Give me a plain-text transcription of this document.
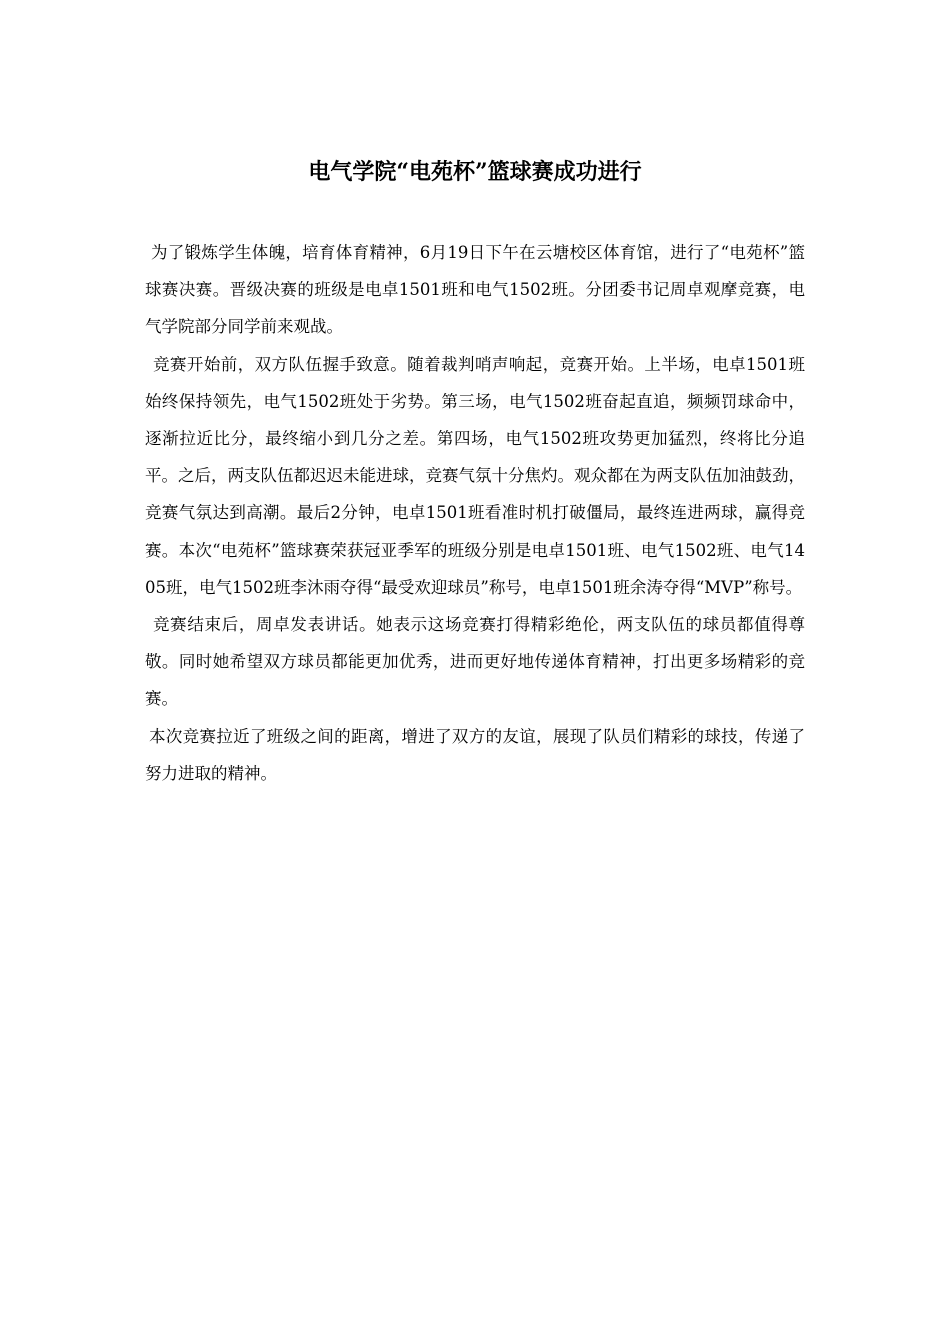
电气学院“电苑杯”篮球赛成功进行

为了锻炼学生体魄，培育体育精神，6月19日下午在云塘校区体育馆，进行了“电苑杯”篮球赛决赛。晋级决赛的班级是电卓1501班和电气1502班。分团委书记周卓观摩竞赛，电气学院部分同学前来观战。

竞赛开始前，双方队伍握手致意。随着裁判哨声响起，竞赛开始。上半场，电卓1501班始终保持领先，电气1502班处于劣势。第三场，电气1502班奋起直追，频频罚球命中，逐渐拉近比分，最终缩小到几分之差。第四场，电气1502班攻势更加猛烈，终将比分追平。之后，两支队伍都迟迟未能进球，竞赛气氛十分焦灼。观众都在为两支队伍加油鼓劲，竞赛气氛达到高潮。最后2分钟，电卓1501班看准时机打破僵局，最终连进两球，赢得竞赛。本次“电苑杯”篮球赛荣获冠亚季军的班级分别是电卓1501班、电气1502班、电气1405班，电气1502班李沐雨夺得“最受欢迎球员”称号，电卓1501班余涛夺得“MVP”称号。

竞赛结束后，周卓发表讲话。她表示这场竞赛打得精彩绝伦，两支队伍的球员都值得尊敬。同时她希望双方球员都能更加优秀，进而更好地传递体育精神，打出更多场精彩的竞赛。

本次竞赛拉近了班级之间的距离，增进了双方的友谊，展现了队员们精彩的球技，传递了努力进取的精神。
